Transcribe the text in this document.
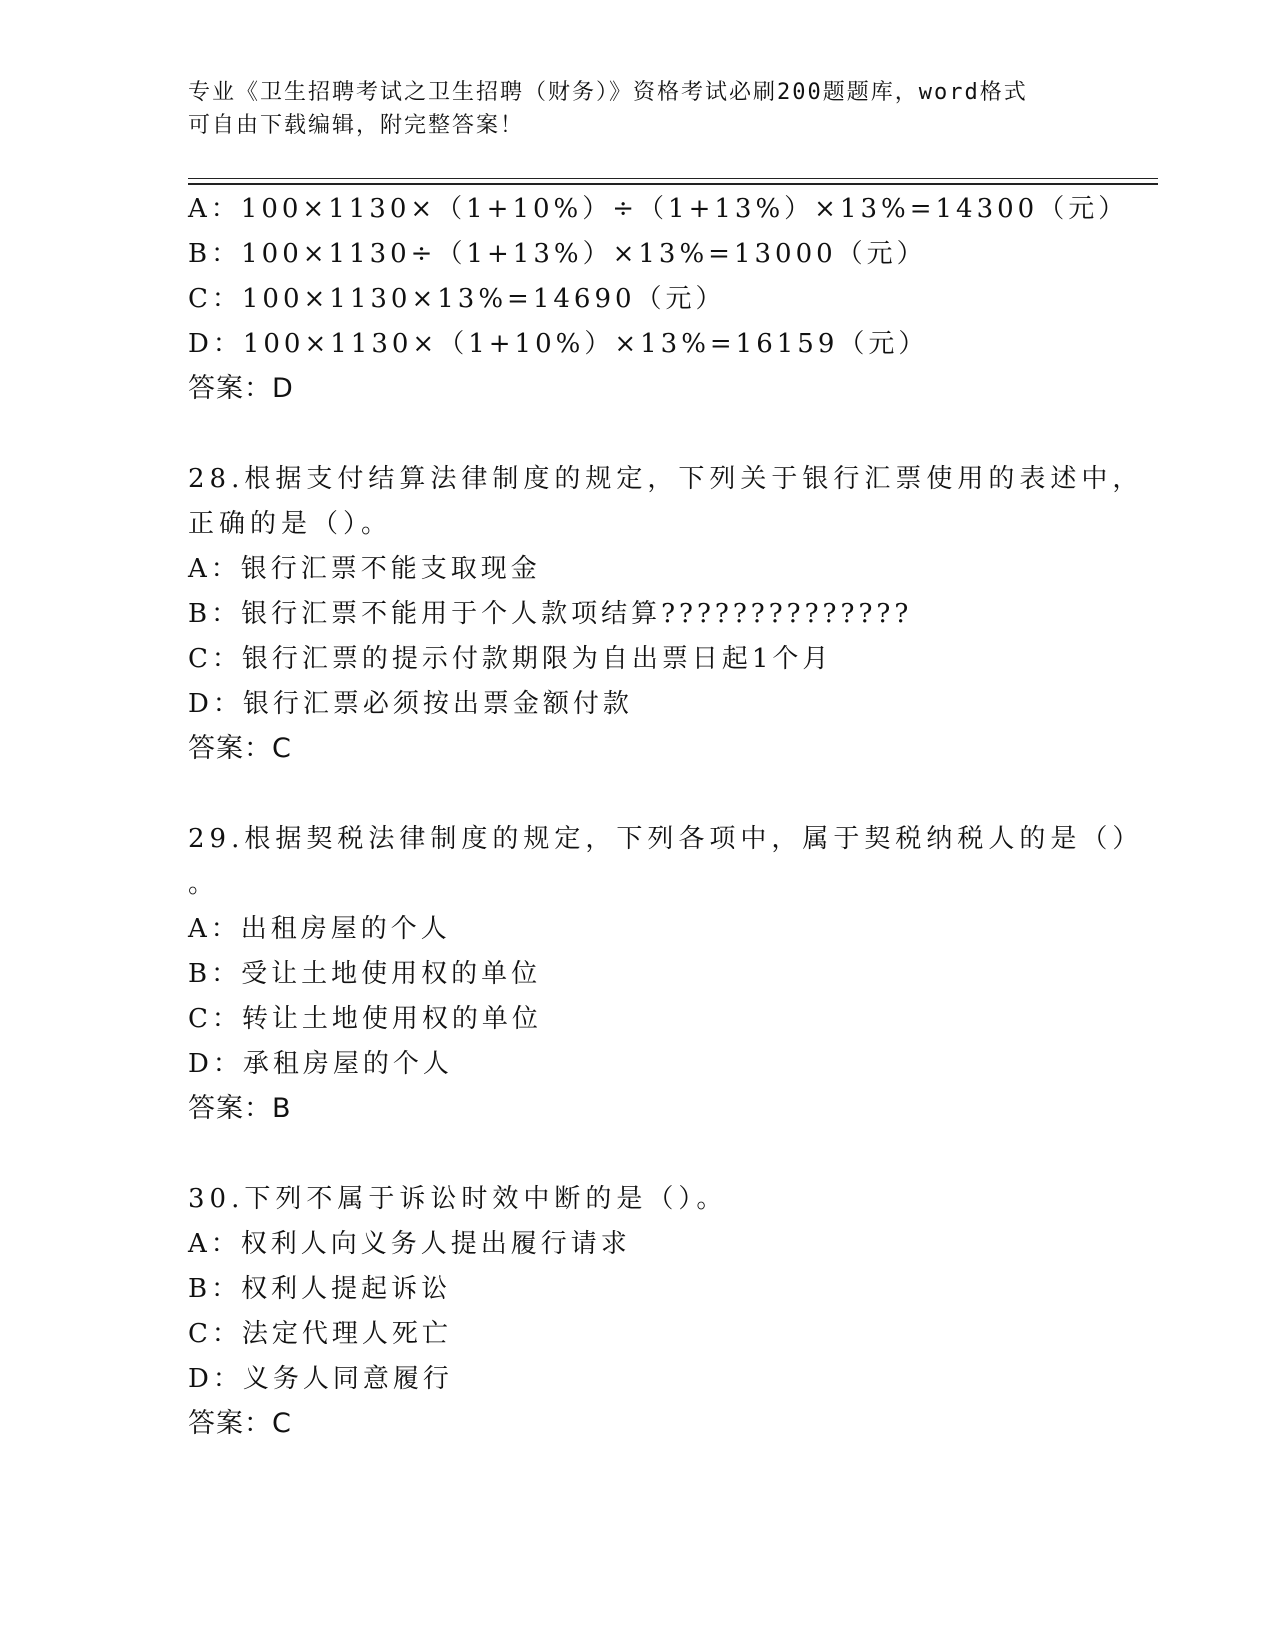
专业《卫生招聘考试之卫生招聘（财务）》资格考试必刷200题题库，word格式
可自由下载编辑，附完整答案！
A：100×1130×（1+10%）÷（1+13%）×13%=14300（元）
B：100×1130÷（1+13%）×13%=13000（元）
C：100×1130×13%=14690（元）
D：100×1130×（1+10%）×13%=16159（元）
答案：D
28.根据支付结算法律制度的规定，下列关于银行汇票使用的表述中，
正确的是（）。
A：银行汇票不能支取现金
B：银行汇票不能用于个人款项结算??????????????
C：银行汇票的提示付款期限为自出票日起1个月
D：银行汇票必须按出票金额付款
答案：C
29.根据契税法律制度的规定，下列各项中，属于契税纳税人的是（）
。
A：出租房屋的个人
B：受让土地使用权的单位
C：转让土地使用权的单位
D：承租房屋的个人
答案：B
30.下列不属于诉讼时效中断的是（）。
A：权利人向义务人提出履行请求
B：权利人提起诉讼
C：法定代理人死亡
D：义务人同意履行
答案：C
